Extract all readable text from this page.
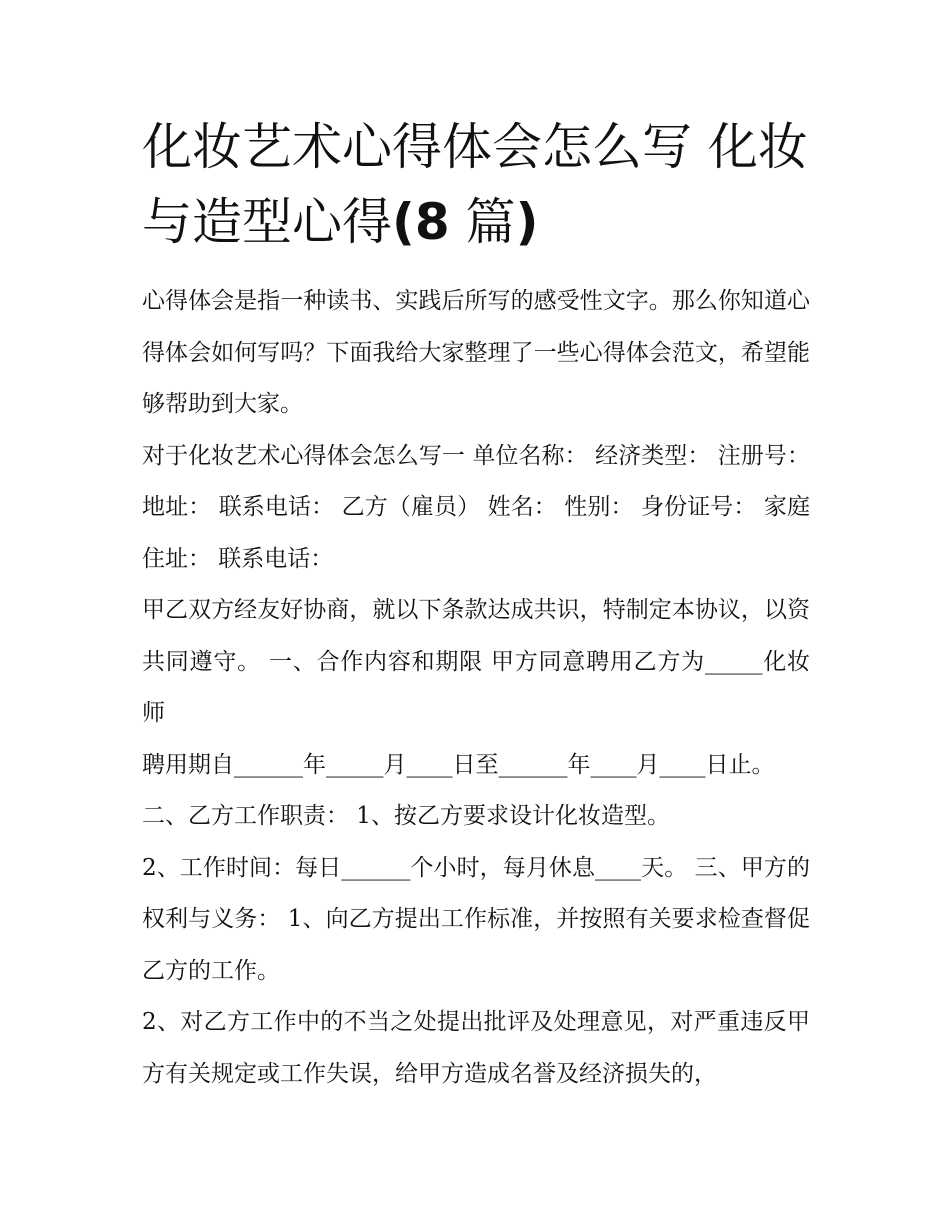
化妆艺术心得体会怎么写 化妆
与造型心得(8 篇)

心得体会是指一种读书、实践后所写的感受性文字。那么你知道心得体会如何写吗？下面我给大家整理了一些心得体会范文，希望能够帮助到大家。

对于化妆艺术心得体会怎么写一 单位名称： 经济类型： 注册号： 地址： 联系电话： 乙方（雇员） 姓名： 性别： 身份证号： 家庭住址： 联系电话：

甲乙双方经友好协商，就以下条款达成共识，特制定本协议，以资共同遵守。 一、合作内容和期限 甲方同意聘用乙方为_____化妆师

聘用期自______年_____月____日至______年____月____日止。

二、乙方工作职责： 1、按乙方要求设计化妆造型。

2、工作时间：每日______个小时，每月休息____天。 三、甲方的权利与义务： 1、向乙方提出工作标准，并按照有关要求检查督促乙方的工作。

2、对乙方工作中的不当之处提出批评及处理意见，对严重违反甲方有关规定或工作失误，给甲方造成名誉及经济损失的，
